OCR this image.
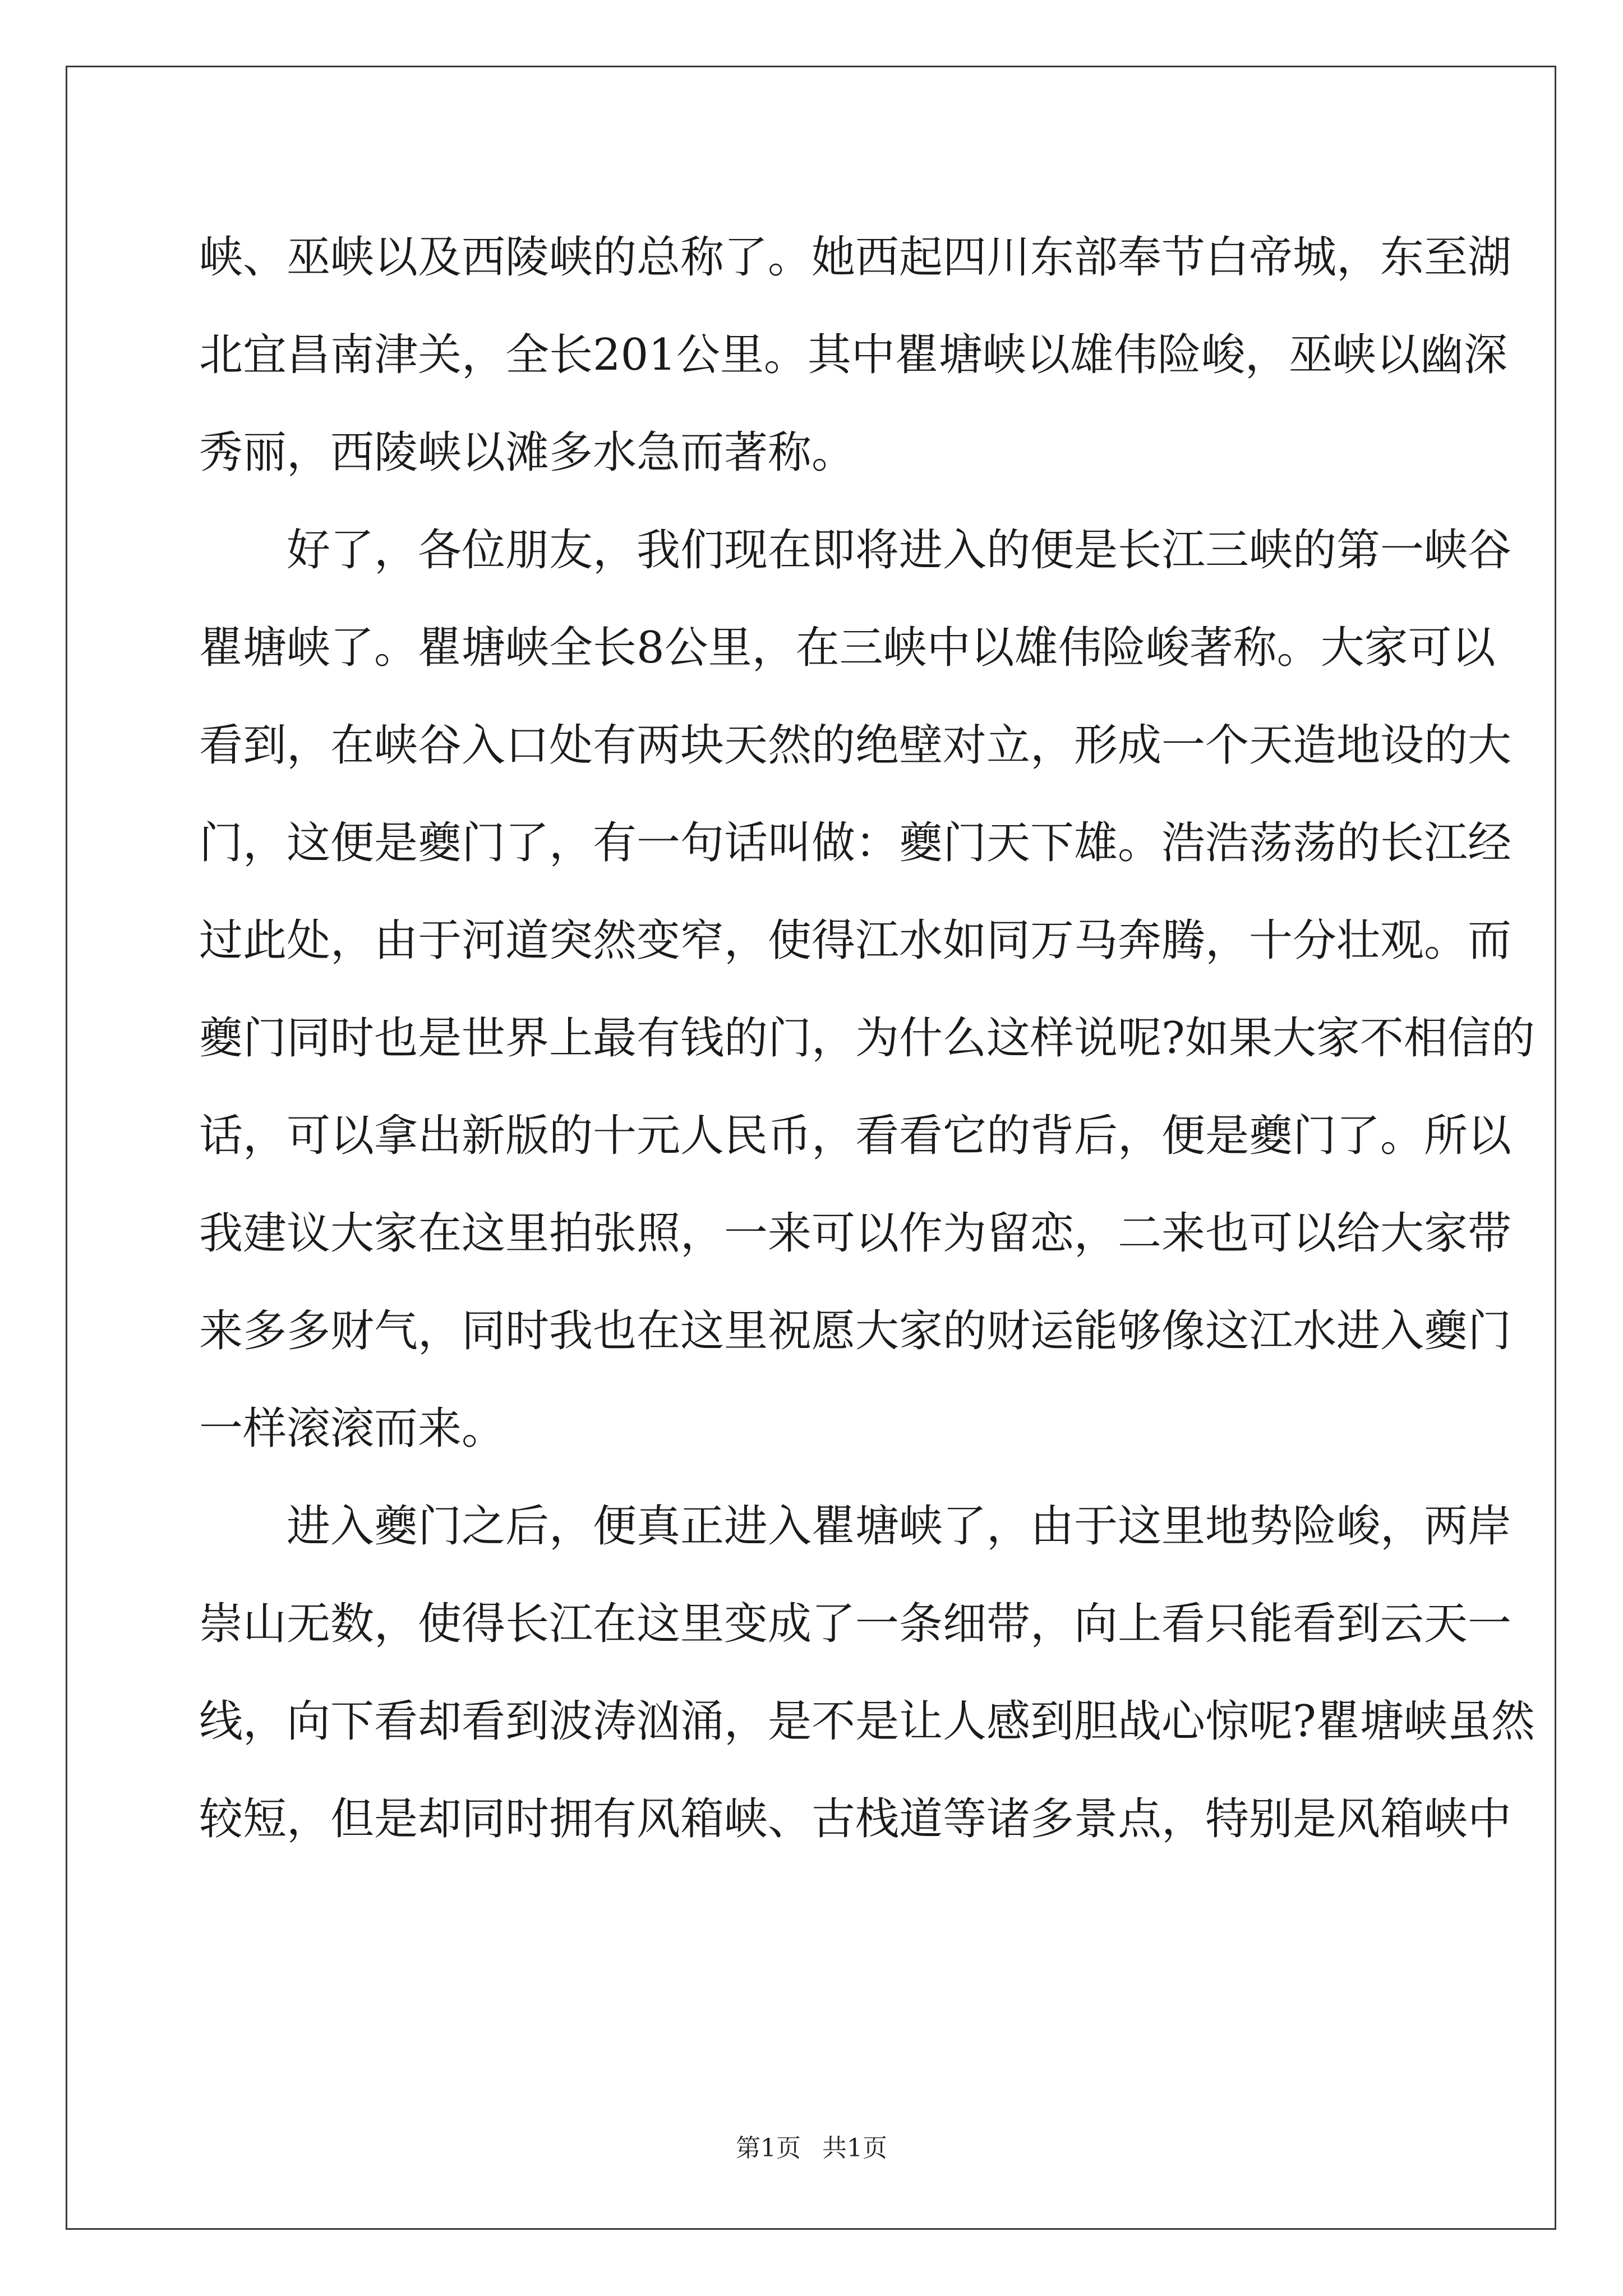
峡、巫峡以及西陵峡的总称了。她西起四川东部奉节白帝城，东至湖
北宜昌南津关，全长201公里。其中瞿塘峡以雄伟险峻，巫峡以幽深
秀丽，西陵峡以滩多水急而著称。
好了，各位朋友，我们现在即将进入的便是长江三峡的第一峡谷
瞿塘峡了。瞿塘峡全长8公里，在三峡中以雄伟险峻著称。大家可以
看到，在峡谷入口处有两块天然的绝壁对立，形成一个天造地设的大
门，这便是夔门了，有一句话叫做：夔门天下雄。浩浩荡荡的长江经
过此处，由于河道突然变窄，使得江水如同万马奔腾，十分壮观。而
夔门同时也是世界上最有钱的门，为什么这样说呢?如果大家不相信的
话，可以拿出新版的十元人民币，看看它的背后，便是夔门了。所以
我建议大家在这里拍张照，一来可以作为留恋，二来也可以给大家带
来多多财气，同时我也在这里祝愿大家的财运能够像这江水进入夔门
一样滚滚而来。
进入夔门之后，便真正进入瞿塘峡了，由于这里地势险峻，两岸
崇山无数，使得长江在这里变成了一条细带，向上看只能看到云天一
线，向下看却看到波涛汹涌，是不是让人感到胆战心惊呢?瞿塘峡虽然
较短，但是却同时拥有风箱峡、古栈道等诸多景点，特别是风箱峡中
第1页 共1页
